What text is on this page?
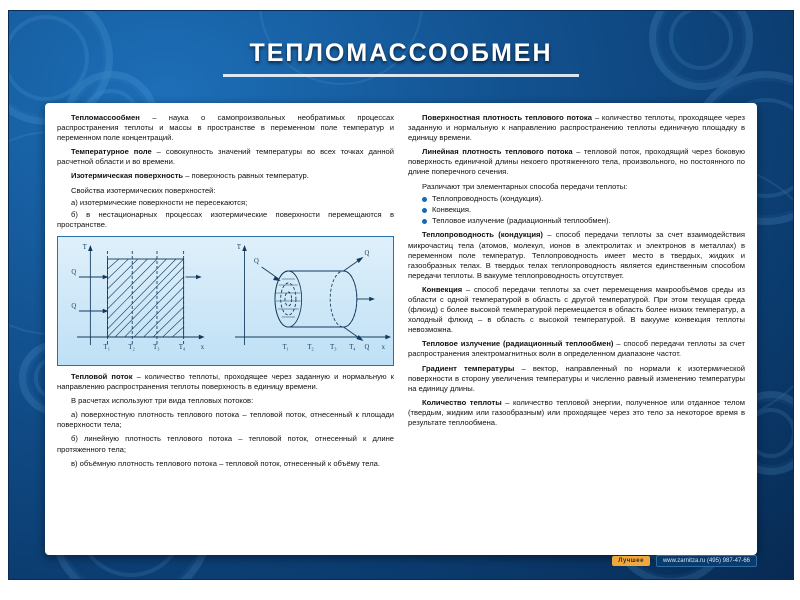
ТЕПЛОМАССООБМЕН

Тепломассообмен – наука о самопроизвольных необратимых процессах распространения теплоты и массы в пространстве в переменном поле температур и переменном поле концентраций.

Температурное поле – совокупность значений температуры во всех точках данной расчетной области и во времени.

Изотермическая поверхность – поверхность равных температур.

Свойства изотермических поверхностей:

а) изотермические поверхности не пересекаются;

б) в нестационарных процессах изотермические поверхности перемещаются в пространстве.

T
x
Q
Q
T₁	T₂	T₃	T₄
T
x
Q
Q
Q
T₁	T₂ T₃ T₄

Тепловой поток – количество теплоты, проходящее через заданную и нормальную к направлению распространения теплоты поверхность в единицу времени.

В расчетах используют три вида тепловых потоков:

а) поверхностную плотность теплового потока – тепловой поток, отнесенный к площади поверхности тела;

б) линейную плотность теплового потока – тепловой поток, отнесенный к длине протяженного тела;

в) объёмную плотность теплового потока – тепловой поток, отнесенный к объёму тела.

Поверхностная плотность теплового потока – количество теплоты, проходящее через заданную и нормальную к направлению распространению теплоты единичную площадку в единицу времени.

Линейная плотность теплового потока – тепловой поток, проходящий через боковую поверхность единичной длины некоего протяженного тела, произвольного, но постоянного по длине поперечного сечения.

Различают три элементарных способа передачи теплоты:

Теплопроводность (кондукция).
Конвекция.
Тепловое излучение (радиационный теплообмен).

Теплопроводность (кондукция) – способ передачи теплоты за счет взаимодействия микрочастиц тела (атомов, молекул, ионов в электролитах и электронов в металлах) в переменном поле температур. Теплопроводность имеет место в твердых, жидких и газообразных телах. В твердых телах теплопроводность является единственным способом передачи теплоты. В вакууме теплопроводность отсутствует.

Конвекция – способ передачи теплоты за счет перемещения макрообъёмов среды из области с одной температурой в область с другой температурой. При этом текущая среда (флюид) с более высокой температурой перемещается в область более низких температур, а холодный флюид – в область с высокой температурой. В вакууме конвекция теплоты невозможна.

Тепловое излучение (радиационный теплообмен) – способ передачи теплоты за счет распространения электромагнитных волн в определенном диапазоне частот.

Градиент температуры – вектор, направленный по нормали к изотермической поверхности в сторону увеличения температуры и численно равный изменению температуры на единицу длины.

Количество теплоты – количество тепловой энергии, полученное или отданное телом (твердым, жидким или газообразным) или проходящее через это тело за некоторое время в результате теплообмена.

Лучшее	www.zarnitza.ru (495) 987-47-66
